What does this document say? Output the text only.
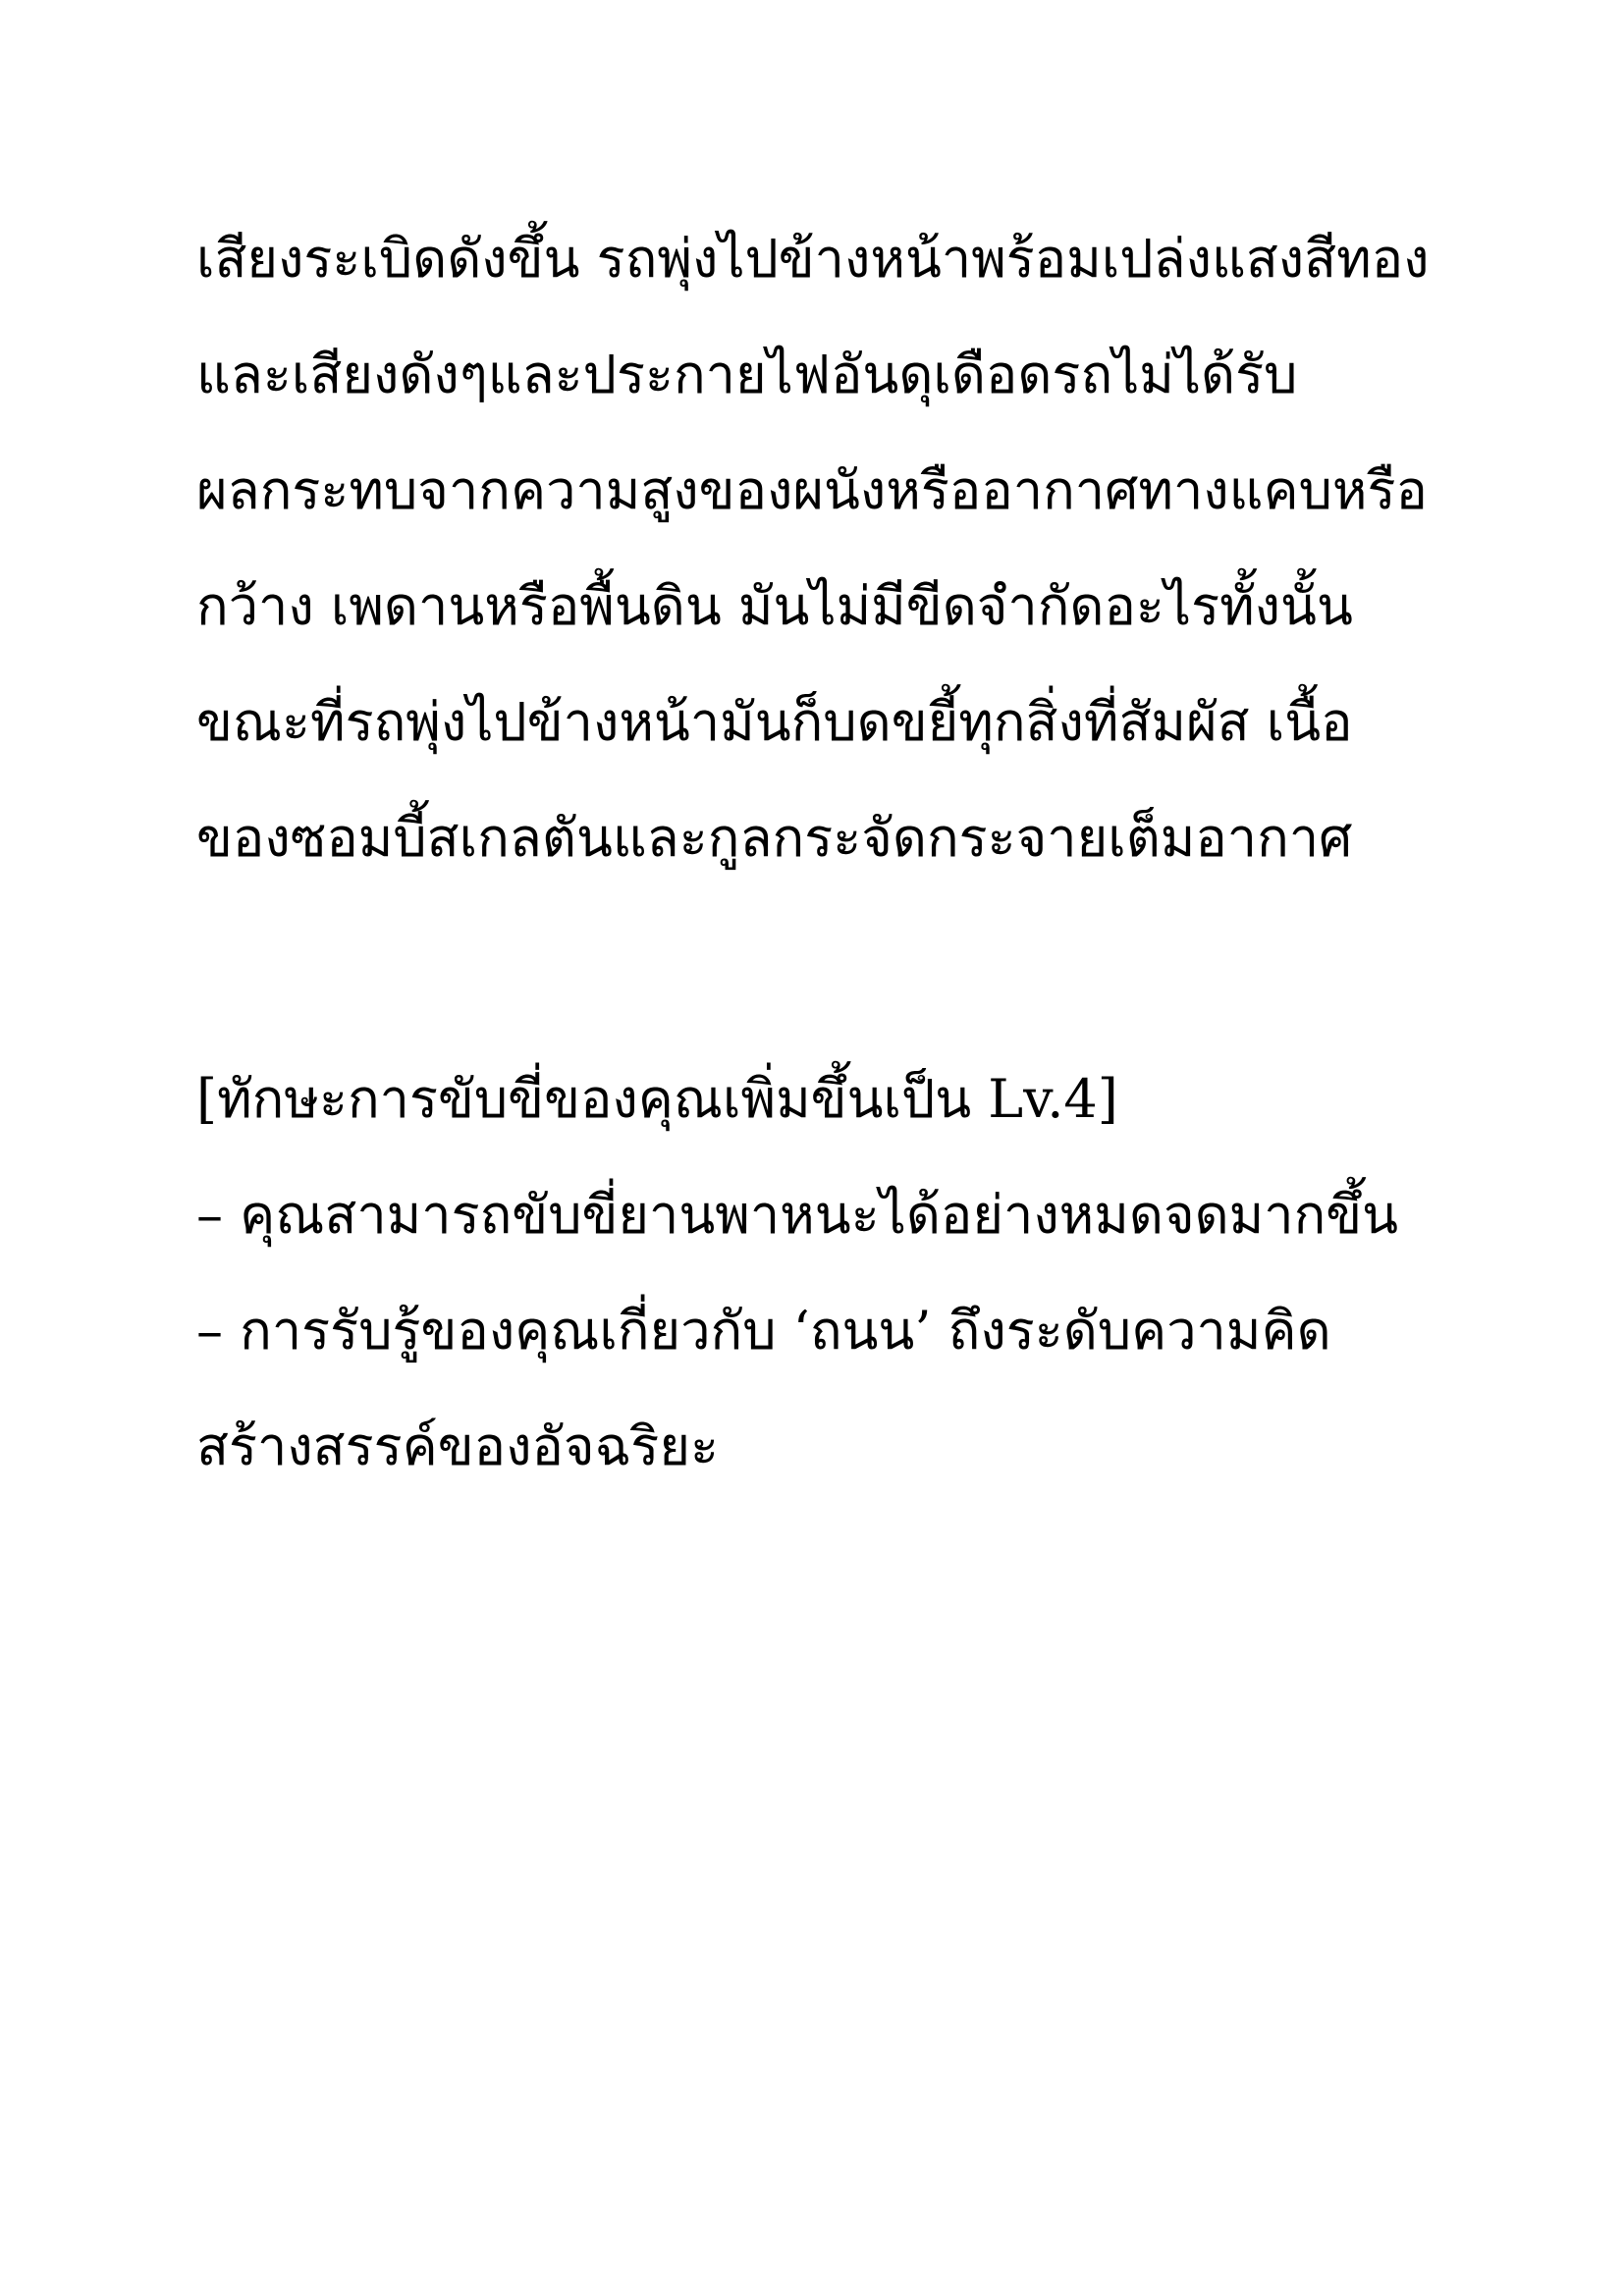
เสียงระเบิดดังขึ้น รถพุ่งไปข้างหน้าพร้อมเปล่งแสงสีทอง
และเสียงดังๆและประกายไฟอันดุเดือดรถไม่ได้รับ
ผลกระทบจากความสูงของผนังหรืออากาศทางแคบหรือ
กว้าง เพดานหรือพื้นดิน มันไม่มีขีดจำกัดอะไรทั้งนั้น
ขณะที่รถพุ่งไปข้างหน้ามันก็บดขยี้ทุกสิ่งที่สัมผัส เนื้อ
ของซอมบี้สเกลตันและกูลกระจัดกระจายเต็มอากาศ

[ทักษะการขับขี่ของคุณเพิ่มขึ้นเป็น Lv.4]
– คุณสามารถขับขี่ยานพาหนะได้อย่างหมดจดมากขึ้น
– การรับรู้ของคุณเกี่ยวกับ ‘ถนน’ ถึงระดับความคิด
สร้างสรรค์ของอัจฉริยะ
